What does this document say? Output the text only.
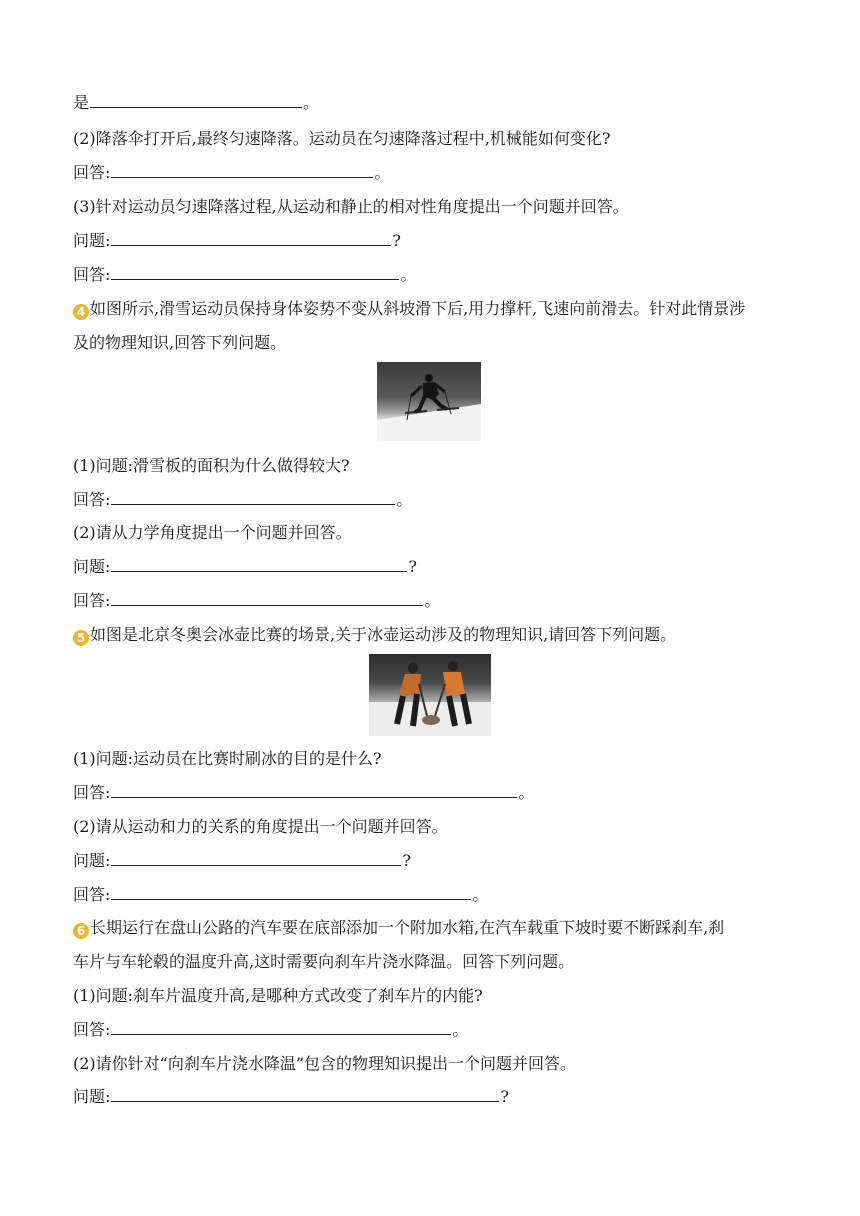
是	。
(2)降落伞打开后,最终匀速降落。运动员在匀速降落过程中,机械能如何变化?
回答:	。
(3)针对运动员匀速降落过程,从运动和静止的相对性角度提出一个问题并回答。
问题:	?
回答:	。
4 如图所示,滑雪运动员保持身体姿势不变从斜坡滑下后,用力撑杆,飞速向前滑去。针对此情景涉
及的物理知识,回答下列问题。
(1)问题:滑雪板的面积为什么做得较大?
回答:	。
(2)请从力学角度提出一个问题并回答。
问题:	?
回答:	。
5 如图是北京冬奥会冰壶比赛的场景,关于冰壶运动涉及的物理知识,请回答下列问题。
(1)问题:运动员在比赛时刷冰的目的是什么?
回答:	。
(2)请从运动和力的关系的角度提出一个问题并回答。
问题:	?
回答:	。
6 长期运行在盘山公路的汽车要在底部添加一个附加水箱,在汽车载重下坡时要不断踩刹车,刹
车片与车轮毂的温度升高,这时需要向刹车片浇水降温。回答下列问题。
(1)问题:刹车片温度升高,是哪种方式改变了刹车片的内能?
回答:	。
(2)请你针对“向刹车片浇水降温”包含的物理知识提出一个问题并回答。
问题:	?
